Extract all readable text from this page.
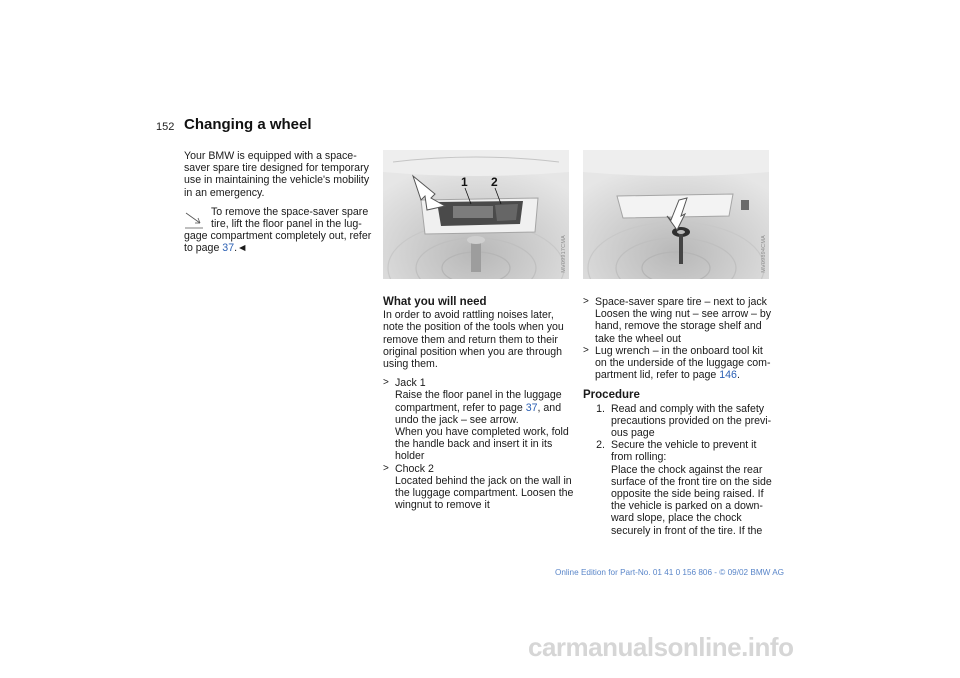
152 Changing a wheel

Your BMW is equipped with a space-saver spare tire designed for temporary use in maintaining the vehicle's mobility in an emergency.

To remove the space-saver spare tire, lift the floor panel in the lug-
gage compartment completely out, refer to page 37.◄
1 2
MV09917CMA	MV09894CMA
What you will need

In order to avoid rattling noises later, note the position of the tools when you remove them and return them to their original position when you are through using them.

> Jack 1
Raise the floor panel in the luggage compartment, refer to page 37, and undo the jack – see arrow.
When you have completed work, fold the handle back and insert it in its holder
> Chock 2
Located behind the jack on the wall in the luggage compartment. Loosen the wingnut to remove it
> Space-saver spare tire – next to jack
Loosen the wing nut – see arrow – by hand, remove the storage shelf and take the wheel out
> Lug wrench – in the onboard tool kit on the underside of the luggage com-partment lid, refer to page 146.
Procedure
1. Read and comply with the safety precautions provided on the previ-ous page
2. Secure the vehicle to prevent it from rolling:
Place the chock against the rear surface of the front tire on the side opposite the side being raised. If the vehicle is parked on a down-ward slope, place the chock securely in front of the tire. If the
Online Edition for Part-No. 01 41 0 156 806 - © 09/02 BMW AG
carmanualsonline.info
